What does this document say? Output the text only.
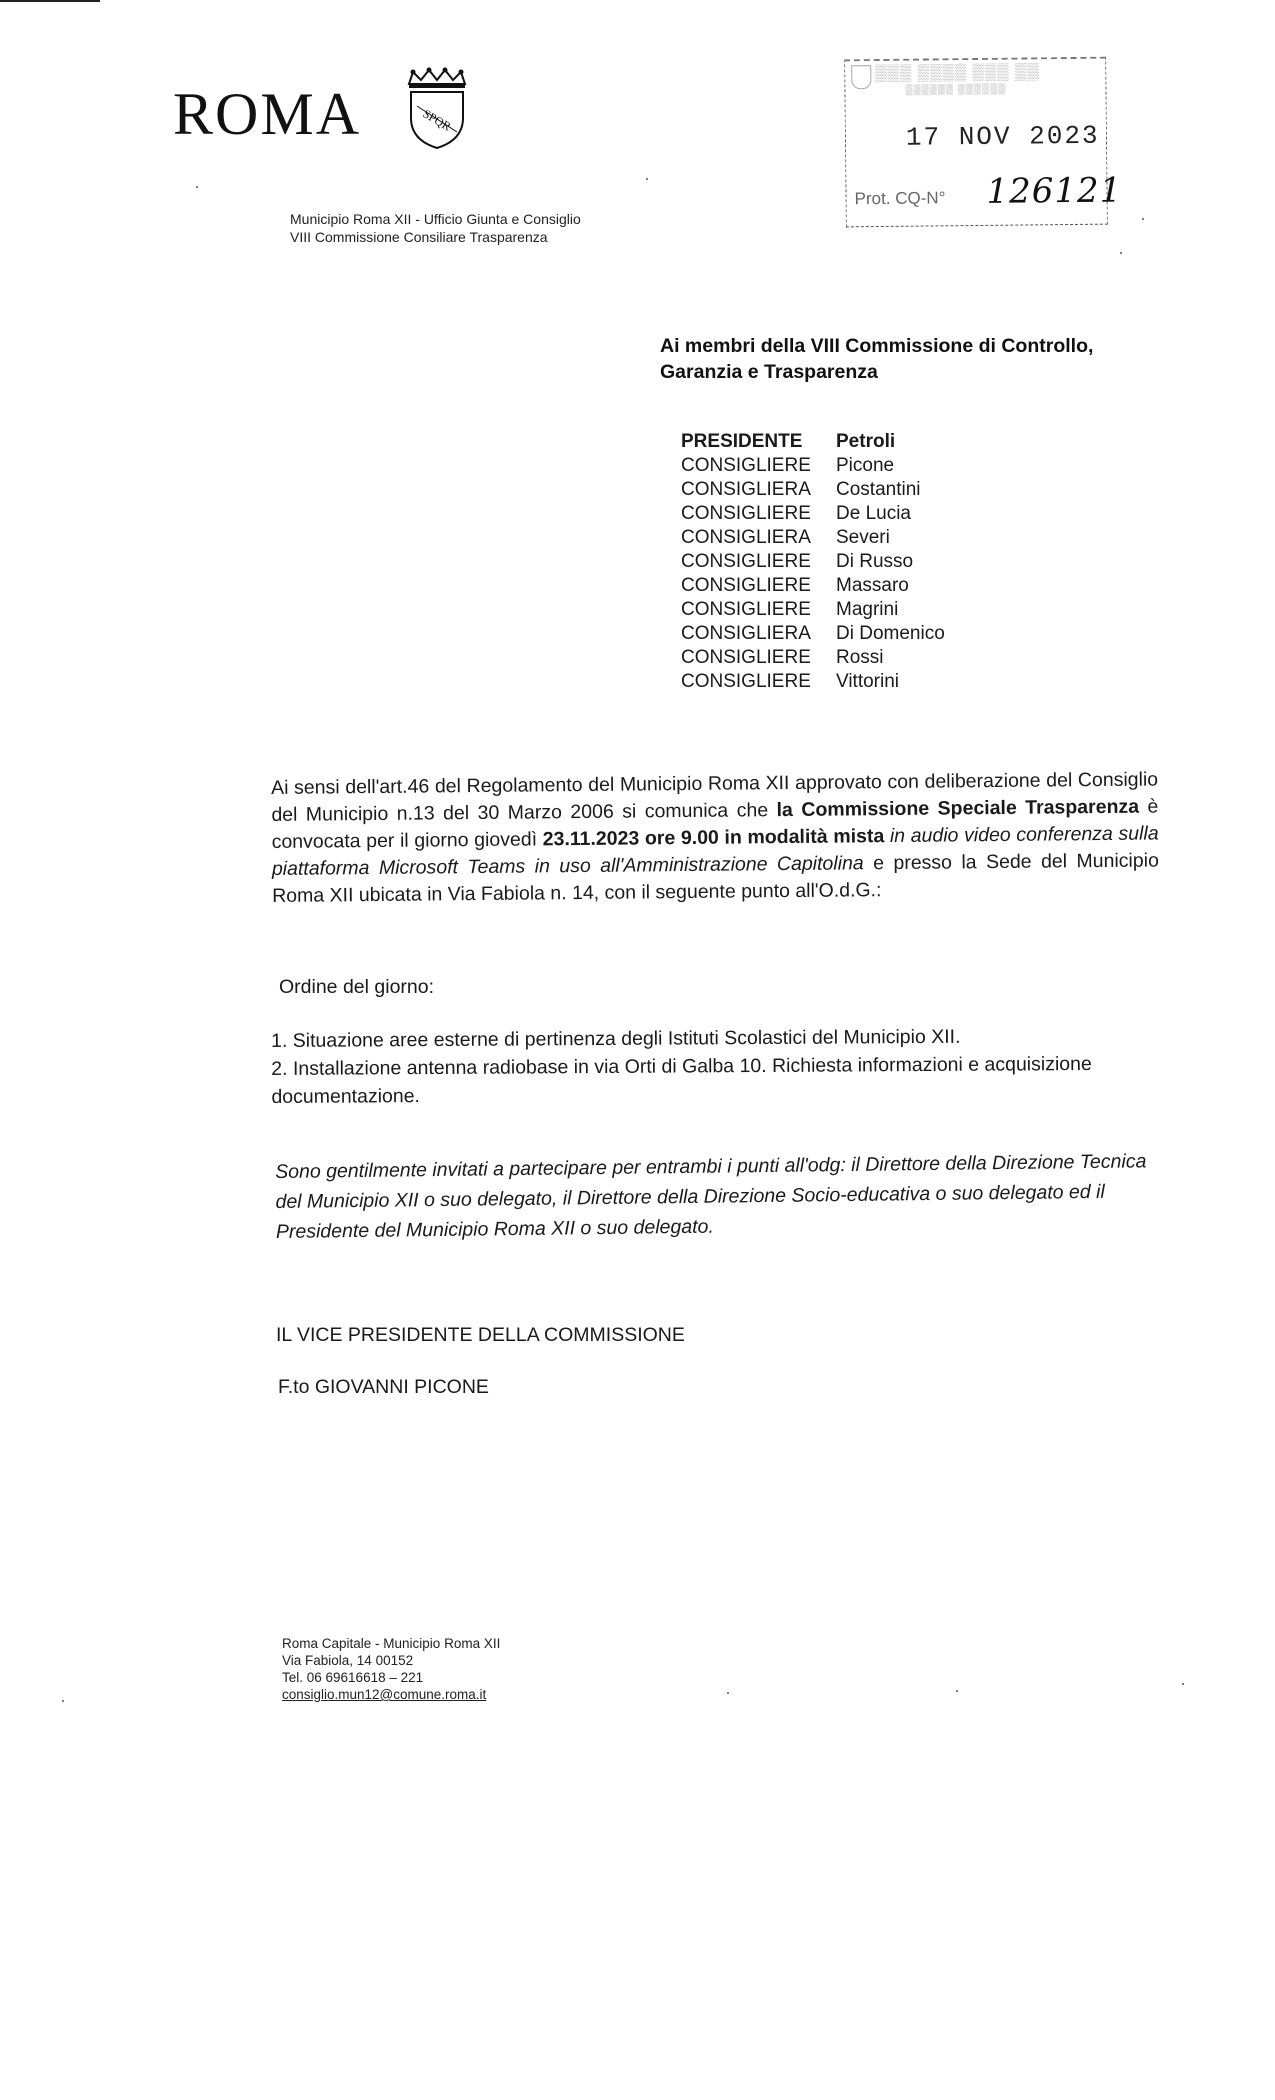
ROMA	SPQR
Municipio Roma XII - Ufficio Giunta e Consiglio
VIII Commissione Consiliare Trasparenza
▒▒▒ ▒▒▒▒ ▒▒▒ ▒▒
▒▒▒▒▒▒ ▒▒▒▒▒▒
17 NOV 2023
Prot. CQ-N° 126121
Ai membri della VIII Commissione di Controllo,
Garanzia e Trasparenza
PRESIDENTE	Petroli
CONSIGLIERE	Picone
CONSIGLIERA	Costantini
CONSIGLIERE	De Lucia
CONSIGLIERA	Severi
CONSIGLIERE	Di Russo
CONSIGLIERE	Massaro
CONSIGLIERE	Magrini
CONSIGLIERA	Di Domenico
CONSIGLIERE	Rossi
CONSIGLIERE	Vittorini
Ai sensi dell'art.46 del Regolamento del Municipio Roma XII approvato con deliberazione del Consiglio del Municipio n.13 del 30 Marzo 2006 si comunica che la Commissione Speciale Trasparenza è convocata per il giorno giovedì 23.11.2023 ore 9.00 in modalità mista in audio video conferenza sulla piattaforma Microsoft Teams in uso all'Amministrazione Capitolina e presso la Sede del Municipio Roma XII ubicata in Via Fabiola n. 14, con il seguente punto all'O.d.G.:
Ordine del giorno:
1. Situazione aree esterne di pertinenza degli Istituti Scolastici del Municipio XII.
2. Installazione antenna radiobase in via Orti di Galba 10. Richiesta informazioni e acquisizione documentazione.
Sono gentilmente invitati a partecipare per entrambi i punti all'odg: il Direttore della Direzione Tecnica del Municipio XII o suo delegato, il Direttore della Direzione Socio-educativa o suo delegato ed il Presidente del Municipio Roma XII o suo delegato.
IL VICE PRESIDENTE DELLA COMMISSIONE
F.to GIOVANNI PICONE
Roma Capitale - Municipio Roma XII
Via Fabiola, 14 00152
Tel. 06 69616618 – 221
consiglio.mun12@comune.roma.it
